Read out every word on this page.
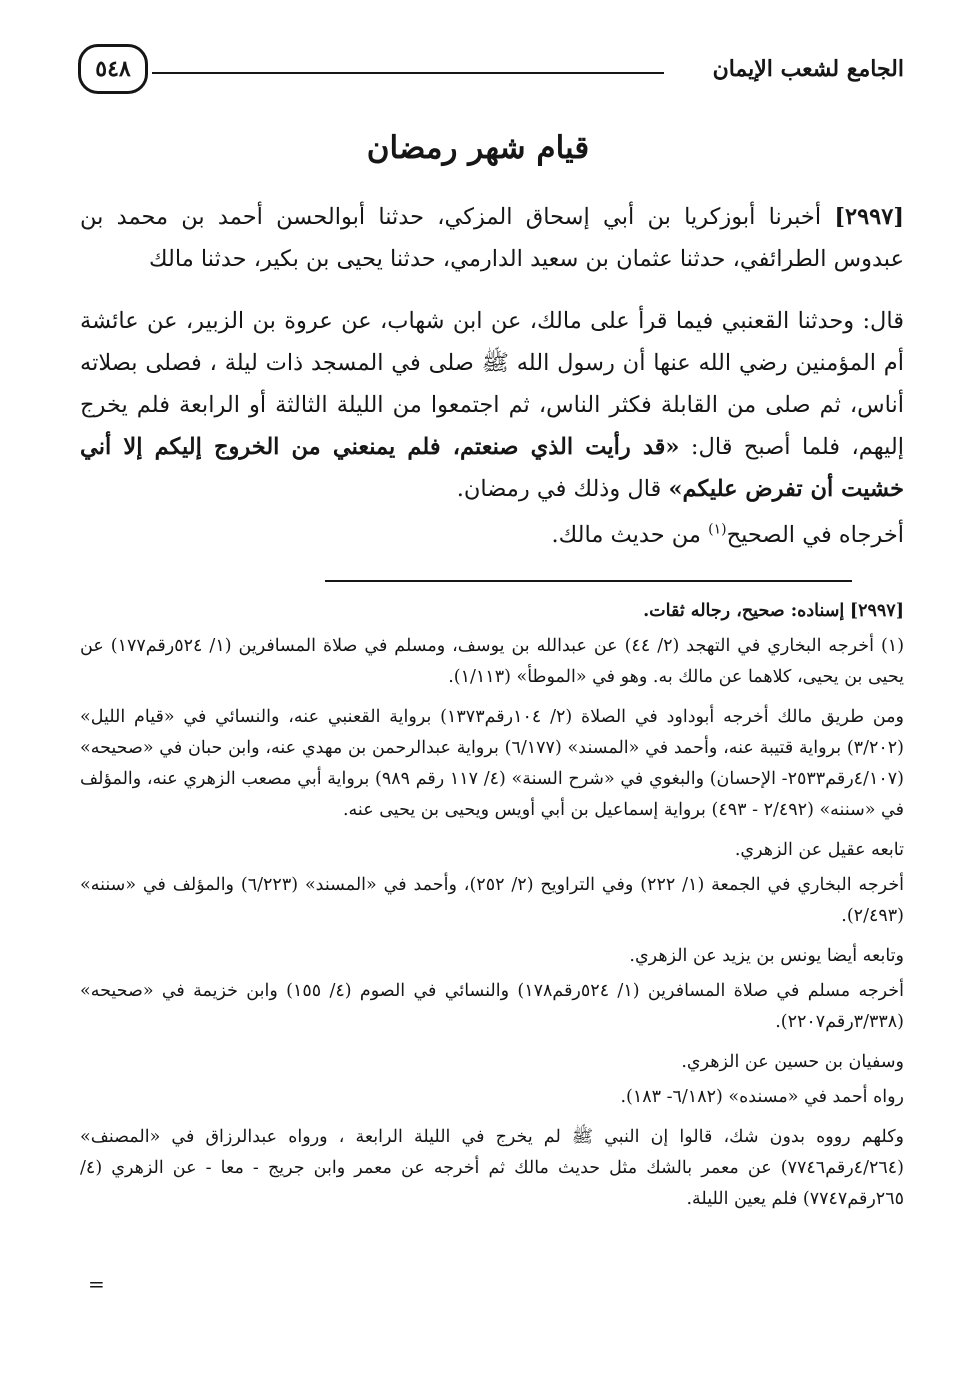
الجامع لشعب الإيمان
٥٤٨
قيام شهر رمضان

[٢٩٩٧] أخبرنا أبوزكريا بن أبي إسحاق المزكي، حدثنا أبوالحسن أحمد بن محمد بن عبدوس الطرائفي، حدثنا عثمان بن سعيد الدارمي، حدثنا يحيى بن بكير، حدثنا مالك

قال: وحدثنا القعنبي فيما قرأ على مالك، عن ابن شهاب، عن عروة بن الزبير، عن عائشة أم المؤمنين رضي الله عنها أن رسول الله ﷺ صلى في المسجد ذات ليلة ، فصلى بصلاته أناس، ثم صلى من القابلة فكثر الناس، ثم اجتمعوا من الليلة الثالثة أو الرابعة فلم يخرج إليهم، فلما أصبح قال: «قد رأيت الذي صنعتم، فلم يمنعني من الخروج إليكم إلا أني خشيت أن تفرض عليكم» قال وذلك في رمضان.

أخرجاه في الصحيح$^{(١)}$ من حديث مالك.

[٢٩٩٧] إسناده: صحيح، رجاله ثقات.

(١) أخرجه البخاري في التهجد (٢/ ٤٤) عن عبدالله بن يوسف، ومسلم في صلاة المسافرين (١/ ٥٢٤رقم١٧٧) عن يحيى بن يحيى، كلاهما عن مالك به. وهو في «الموطأ» (١/١١٣).

ومن طريق مالك أخرجه أبوداود في الصلاة (٢/ ١٠٤رقم١٣٧٣) برواية القعنبي عنه، والنسائي في «قيام الليل» (٣/٢٠٢) برواية قتيبة عنه، وأحمد في «المسند» (٦/١٧٧) برواية عبدالرحمن بن مهدي عنه، وابن حبان في «صحيحه» (٤/١٠٧رقم٢٥٣٣- الإحسان) والبغوي في «شرح السنة» (٤/ ١١٧ رقم ٩٨٩) برواية أبي مصعب الزهري عنه، والمؤلف في «سننه» (٢/٤٩٢ - ٤٩٣) برواية إسماعيل بن أبي أويس ويحيى بن يحيى عنه.

تابعه عقيل عن الزهري.

أخرجه البخاري في الجمعة (١/ ٢٢٢) وفي التراويح (٢/ ٢٥٢)، وأحمد في «المسند» (٦/٢٢٣) والمؤلف في «سننه» (٢/٤٩٣).

وتابعه أيضا يونس بن يزيد عن الزهري.

أخرجه مسلم في صلاة المسافرين (١/ ٥٢٤رقم١٧٨) والنسائي في الصوم (٤/ ١٥٥) وابن خزيمة في «صحيحه» (٣/٣٣٨رقم٢٢٠٧).

وسفيان بن حسين عن الزهري.

رواه أحمد في «مسنده» (٦/١٨٢- ١٨٣).

وكلهم رووه بدون شك، قالوا إن النبي ﷺ لم يخرج في الليلة الرابعة ، ورواه عبدالرزاق في «المصنف» (٤/٢٦٤رقم٧٧٤٦) عن معمر بالشك مثل حديث مالك ثم أخرجه عن معمر وابن جريج - معا - عن الزهري (٤/ ٢٦٥رقم٧٧٤٧) فلم يعين الليلة.

=
